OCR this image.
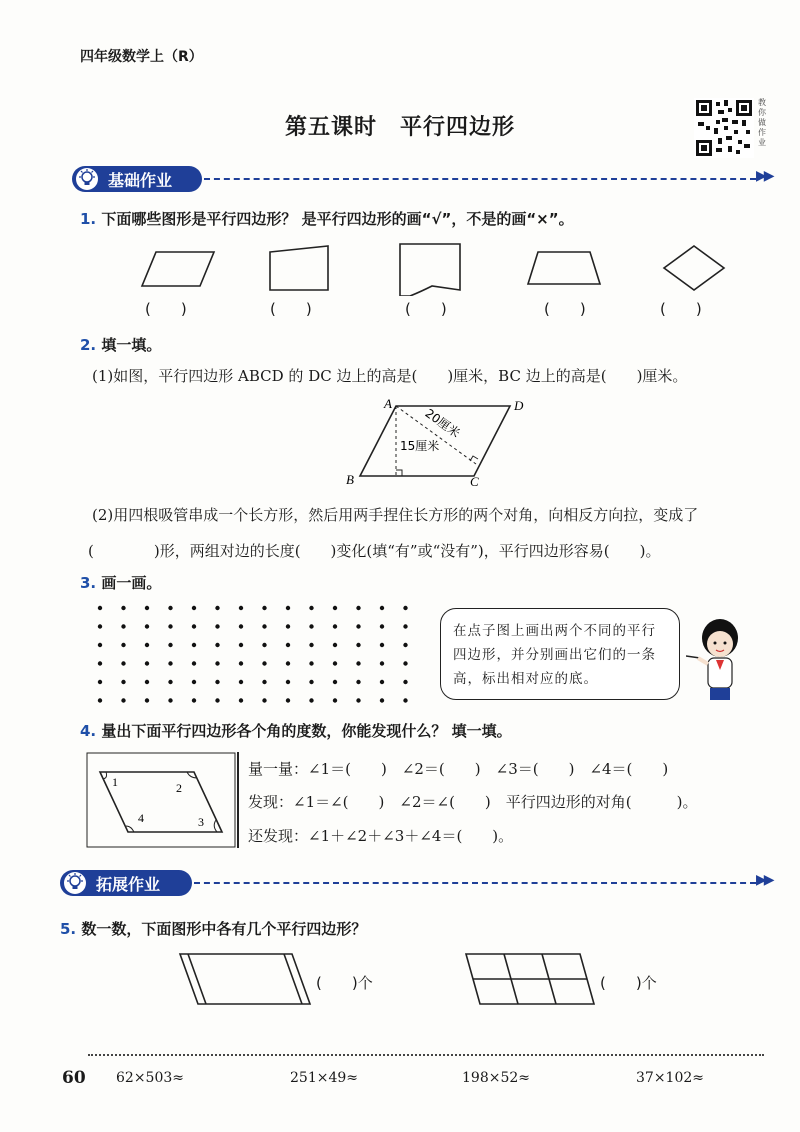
四年级数学上（R）
第五课时　平行四边形
教你做作业
基础作业	▶▶
1. 下面哪些图形是平行四边形？ 是平行四边形的画“√”，不是的画“×”。
(　　)	(　　)	(　　)	(　　)	(　　)
2. 填一填。
(1)如图，平行四边形 ABCD 的 DC 边上的高是(　　)厘米，BC 边上的高是(　　)厘米。
A	D
B	C
20厘米
15厘米
(2)用四根吸管串成一个长方形，然后用两手捏住长方形的两个对角，向相反方向拉，变成了
(　　　　)形，两组对边的长度(　　)变化(填“有”或“没有”)，平行四边形容易(　　)。
3. 画一画。
在点子图上画出两个不同的平行四边形，并分别画出它们的一条高，标出相对应的底。
4. 量出下面平行四边形各个角的度数，你能发现什么？ 填一填。
1	2
3
4
量一量：∠1＝(　　)　∠2＝(　　)　∠3＝(　　)　∠4＝(　　)
发现：∠1＝∠(　　)　∠2＝∠(　　)　平行四边形的对角(　　　)。
还发现：∠1＋∠2＋∠3＋∠4＝(　　)。
拓展作业	▶▶
5. 数一数，下面图形中各有几个平行四边形？
(　　)个	(　　)个
60 62×503≈	251×49≈	198×52≈	37×102≈
